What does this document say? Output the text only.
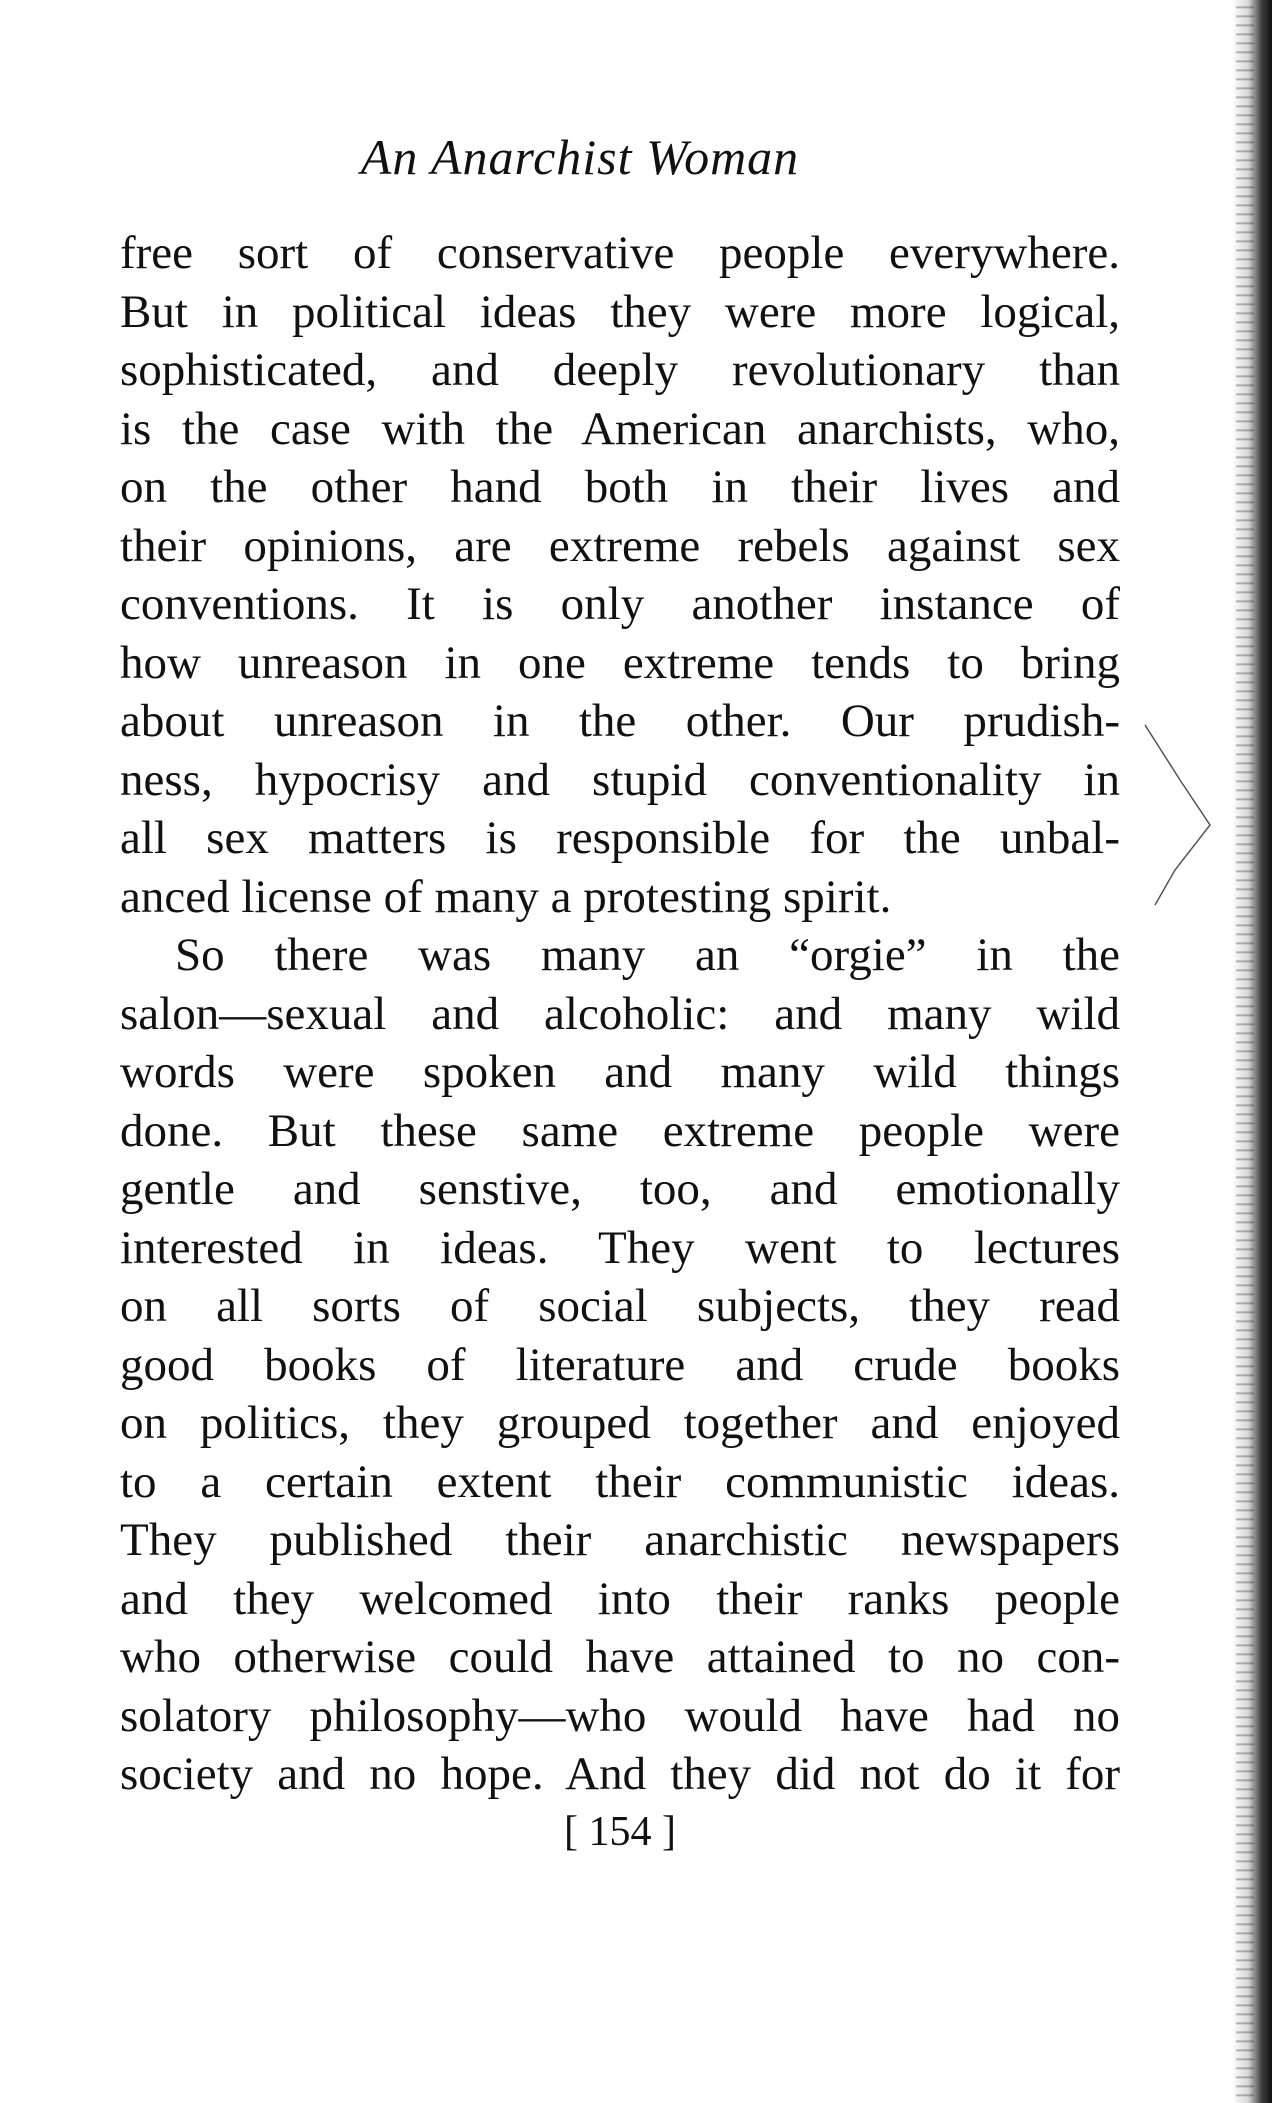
An Anarchist Woman
free sort of conservative people everywhere.
But in political ideas they were more logical,
sophisticated, and deeply revolutionary than
is the case with the American anarchists, who,
on the other hand both in their lives and
their opinions, are extreme rebels against sex
conventions. It is only another instance of
how unreason in one extreme tends to bring
about unreason in the other. Our prudish-
ness, hypocrisy and stupid conventionality in
all sex matters is responsible for the unbal-
anced license of many a protesting spirit.
So there was many an “orgie” in the
salon—sexual and alcoholic: and many wild
words were spoken and many wild things
done. But these same extreme people were
gentle and senstive, too, and emotionally
interested in ideas. They went to lectures
on all sorts of social subjects, they read
good books of literature and crude books
on politics, they grouped together and enjoyed
to a certain extent their communistic ideas.
They published their anarchistic newspapers
and they welcomed into their ranks people
who otherwise could have attained to no con-
solatory philosophy—who would have had no
society and no hope. And they did not do it for
[ 154 ]
